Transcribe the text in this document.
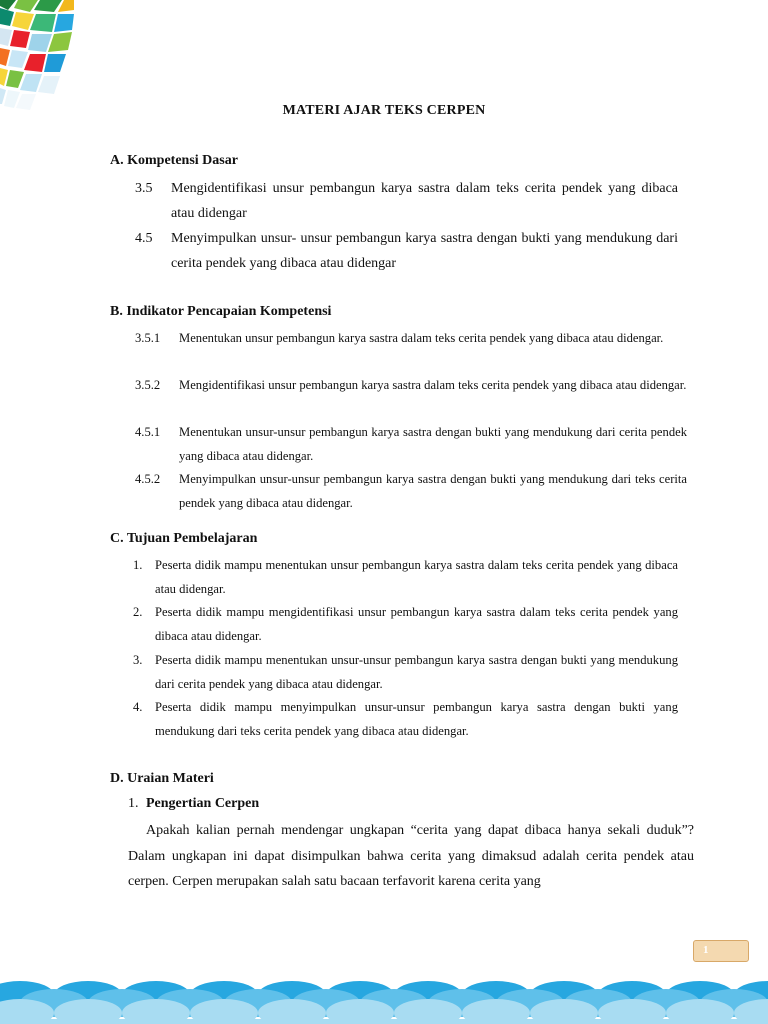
MATERI AJAR TEKS CERPEN
A. Kompetensi Dasar
3.5	Mengidentifikasi unsur pembangun karya sastra dalam teks cerita pendek yang dibaca atau didengar
4.5	Menyimpulkan unsur- unsur pembangun karya sastra dengan bukti yang mendukung dari cerita pendek yang dibaca atau didengar
B. Indikator Pencapaian Kompetensi
3.5.1	Menentukan unsur pembangun karya sastra dalam teks cerita pendek yang dibaca atau didengar.
3.5.2	Mengidentifikasi unsur pembangun karya sastra dalam teks cerita pendek yang dibaca atau didengar.
4.5.1	Menentukan unsur-unsur pembangun karya sastra dengan bukti yang mendukung dari cerita pendek yang dibaca atau didengar.
4.5.2	Menyimpulkan unsur-unsur pembangun karya sastra dengan bukti yang mendukung dari teks cerita pendek yang dibaca atau didengar.
C. Tujuan Pembelajaran
1. Peserta didik mampu menentukan unsur pembangun karya sastra dalam teks cerita pendek yang dibaca atau didengar.
2. Peserta didik mampu mengidentifikasi unsur pembangun karya sastra dalam teks cerita pendek yang dibaca atau didengar.
3. Peserta didik mampu menentukan unsur-unsur pembangun karya sastra dengan bukti yang mendukung dari cerita pendek yang dibaca atau didengar.
4. Peserta didik mampu menyimpulkan unsur-unsur pembangun karya sastra dengan bukti yang mendukung dari teks cerita pendek yang dibaca atau didengar.
D. Uraian Materi
1. Pengertian Cerpen
Apakah kalian pernah mendengar ungkapan “cerita yang dapat dibaca hanya sekali duduk”? Dalam ungkapan ini dapat disimpulkan bahwa cerita yang dimaksud adalah cerita pendek atau cerpen. Cerpen merupakan salah satu bacaan terfavorit karena cerita yang
1
